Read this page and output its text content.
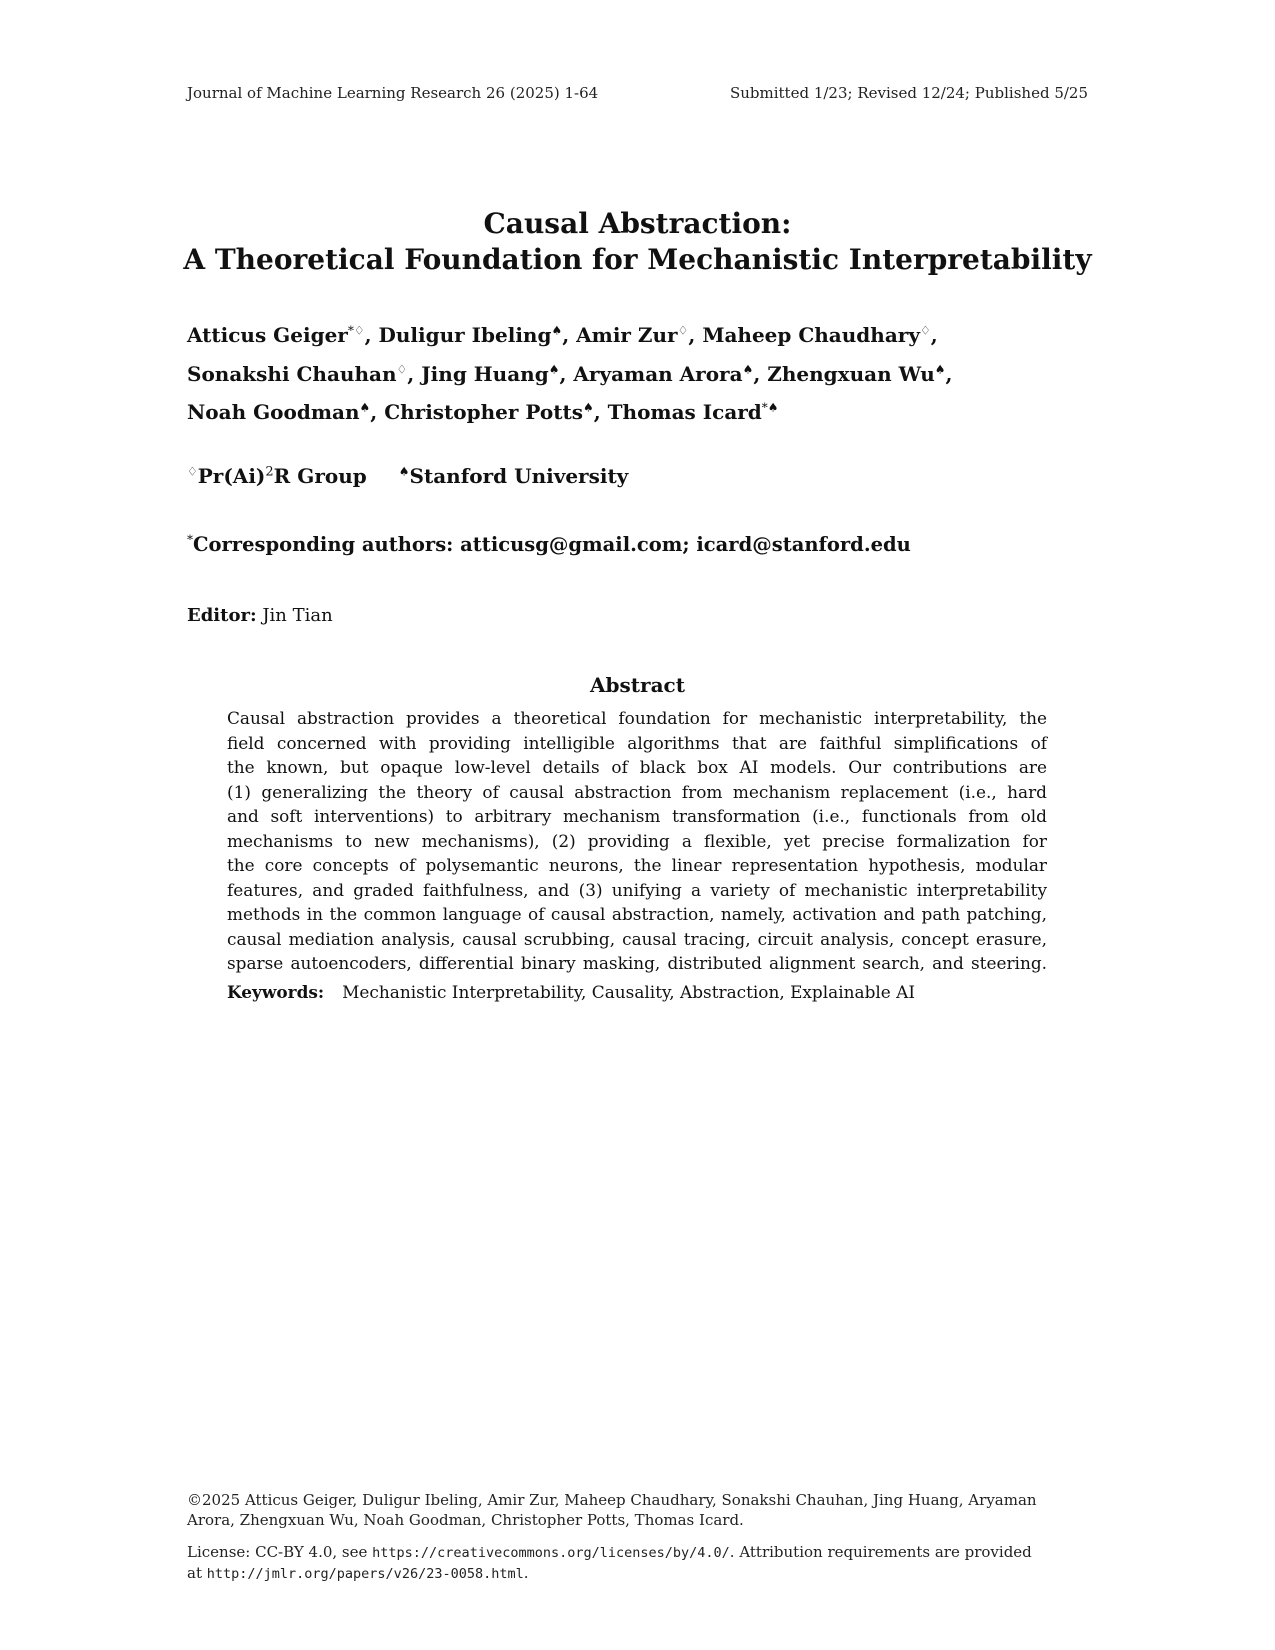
Journal of Machine Learning Research 26 (2025) 1-64	Submitted 1/23; Revised 12/24; Published 5/25
Causal Abstraction:
A Theoretical Foundation for Mechanistic Interpretability
Atticus Geiger*♢, Duligur Ibeling♠, Amir Zur♢, Maheep Chaudhary♢,
Sonakshi Chauhan♢, Jing Huang♠, Aryaman Arora♠, Zhengxuan Wu♠,
Noah Goodman♠, Christopher Potts♠, Thomas Icard*♠
$^♢Pr(Ai)^2R$ Group	♠Stanford University
*Corresponding authors: atticusg@gmail.com; icard@stanford.edu
Editor: Jin Tian
Abstract
Causal abstraction provides a theoretical foundation for mechanistic interpretability, the
field concerned with providing intelligible algorithms that are faithful simplifications of
the known, but opaque low-level details of black box AI models. Our contributions are
(1) generalizing the theory of causal abstraction from mechanism replacement (i.e., hard
and soft interventions) to arbitrary mechanism transformation (i.e., functionals from old
mechanisms to new mechanisms), (2) providing a flexible, yet precise formalization for
the core concepts of polysemantic neurons, the linear representation hypothesis, modular
features, and graded faithfulness, and (3) unifying a variety of mechanistic interpretability
methods in the common language of causal abstraction, namely, activation and path patching,
causal mediation analysis, causal scrubbing, causal tracing, circuit analysis, concept erasure,
sparse autoencoders, differential binary masking, distributed alignment search, and steering.
Keywords: Mechanistic Interpretability, Causality, Abstraction, Explainable AI
©2025 Atticus Geiger, Duligur Ibeling, Amir Zur, Maheep Chaudhary, Sonakshi Chauhan, Jing Huang, Aryaman
Arora, Zhengxuan Wu, Noah Goodman, Christopher Potts, Thomas Icard.
License: CC-BY 4.0, see https://creativecommons.org/licenses/by/4.0/. Attribution requirements are provided
at http://jmlr.org/papers/v26/23-0058.html.
